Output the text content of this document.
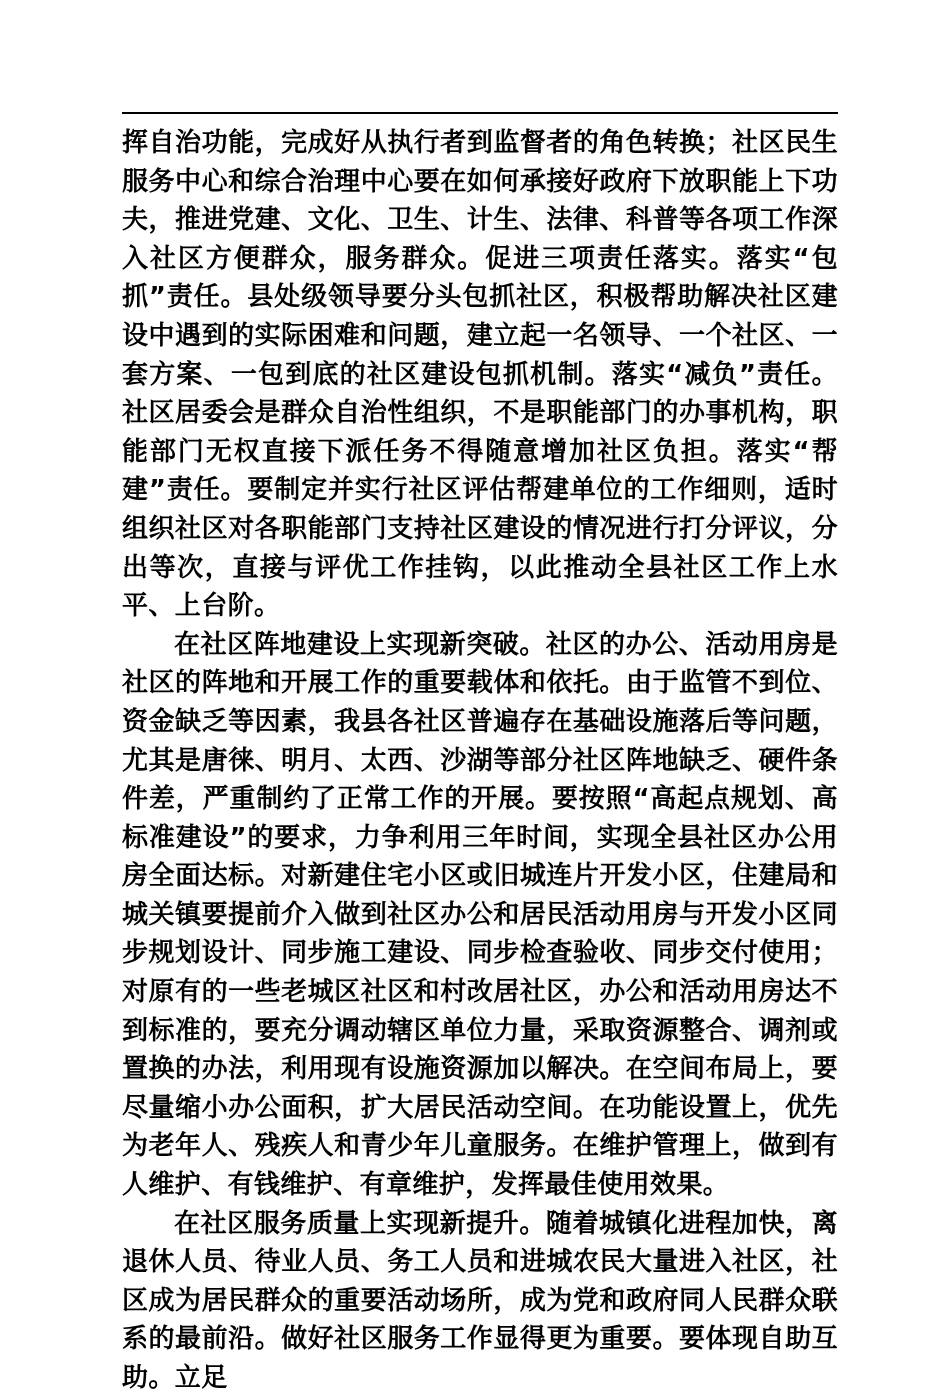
挥自治功能，完成好从执行者到监督者的角色转换；社区民生服务中心和综合治理中心要在如何承接好政府下放职能上下功夫，推进党建、文化、卫生、计生、法律、科普等各项工作深入社区方便群众，服务群众。促进三项责任落实。落实“包抓”责任。县处级领导要分头包抓社区，积极帮助解决社区建设中遇到的实际困难和问题，建立起一名领导、一个社区、一套方案、一包到底的社区建设包抓机制。落实“减负”责任。社区居委会是群众自治性组织，不是职能部门的办事机构，职能部门无权直接下派任务不得随意增加社区负担。落实“帮建”责任。要制定并实行社区评估帮建单位的工作细则，适时组织社区对各职能部门支持社区建设的情况进行打分评议，分出等次，直接与评优工作挂钩，以此推动全县社区工作上水平、上台阶。

在社区阵地建设上实现新突破。社区的办公、活动用房是社区的阵地和开展工作的重要载体和依托。由于监管不到位、资金缺乏等因素，我县各社区普遍存在基础设施落后等问题，尤其是唐徕、明月、太西、沙湖等部分社区阵地缺乏、硬件条件差，严重制约了正常工作的开展。要按照“高起点规划、高标准建设”的要求，力争利用三年时间，实现全县社区办公用房全面达标。对新建住宅小区或旧城连片开发小区，住建局和城关镇要提前介入做到社区办公和居民活动用房与开发小区同步规划设计、同步施工建设、同步检查验收、同步交付使用；对原有的一些老城区社区和村改居社区，办公和活动用房达不到标准的，要充分调动辖区单位力量，采取资源整合、调剂或置换的办法，利用现有设施资源加以解决。在空间布局上，要尽量缩小办公面积，扩大居民活动空间。在功能设置上，优先为老年人、残疾人和青少年儿童服务。在维护管理上，做到有人维护、有钱维护、有章维护，发挥最佳使用效果。

在社区服务质量上实现新提升。随着城镇化进程加快，离退休人员、待业人员、务工人员和进城农民大量进入社区，社区成为居民群众的重要活动场所，成为党和政府同人民群众联系的最前沿。做好社区服务工作显得更为重要。要体现自助互助。立足
